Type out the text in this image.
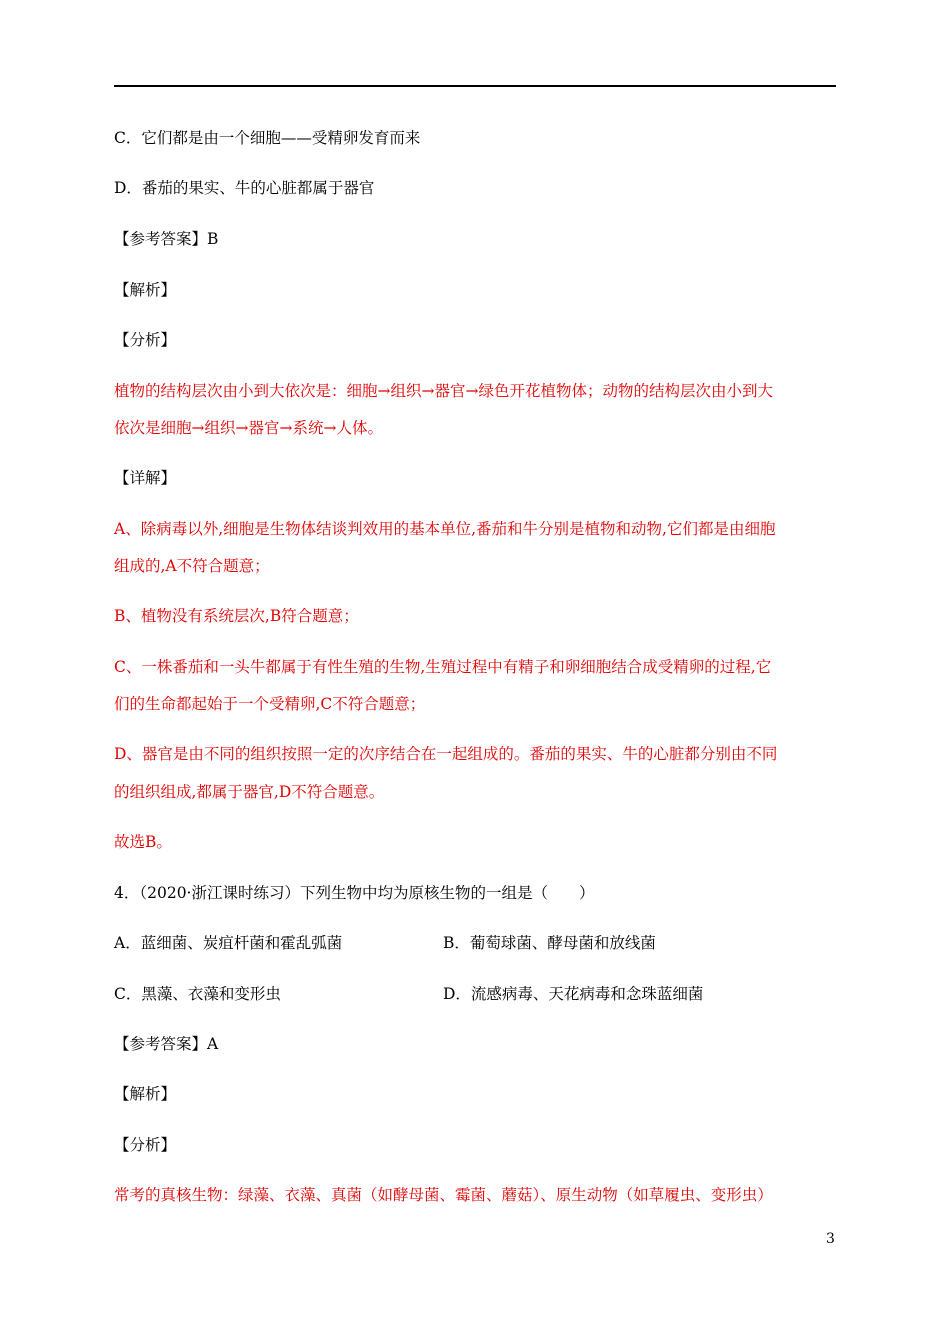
C．它们都是由一个细胞——受精卵发育而来
D．番茄的果实、牛的心脏都属于器官
【参考答案】B
【解析】
【分析】
植物的结构层次由小到大依次是：细胞→组织→器官→绿色开花植物体；动物的结构层次由小到大
依次是细胞→组织→器官→系统→人体。
【详解】
A、除病毒以外,细胞是生物体结谈判效用的基本单位,番茄和牛分别是植物和动物,它们都是由细胞
组成的,A不符合题意；
B、植物没有系统层次,B符合题意；
C、一株番茄和一头牛都属于有性生殖的生物,生殖过程中有精子和卵细胞结合成受精卵的过程,它
们的生命都起始于一个受精卵,C不符合题意；
D、器官是由不同的组织按照一定的次序结合在一起组成的。番茄的果实、牛的心脏都分别由不同
的组织组成,都属于器官,D不符合题意。
故选B。
4．（2020·浙江课时练习）下列生物中均为原核生物的一组是（　　）
A．蓝细菌、炭疽杆菌和霍乱弧菌	B．葡萄球菌、酵母菌和放线菌
C．黑藻、衣藻和变形虫	D．流感病毒、天花病毒和念珠蓝细菌
【参考答案】A
【解析】
【分析】
常考的真核生物：绿藻、衣藻、真菌（如酵母菌、霉菌、蘑菇）、原生动物（如草履虫、变形虫）
3
